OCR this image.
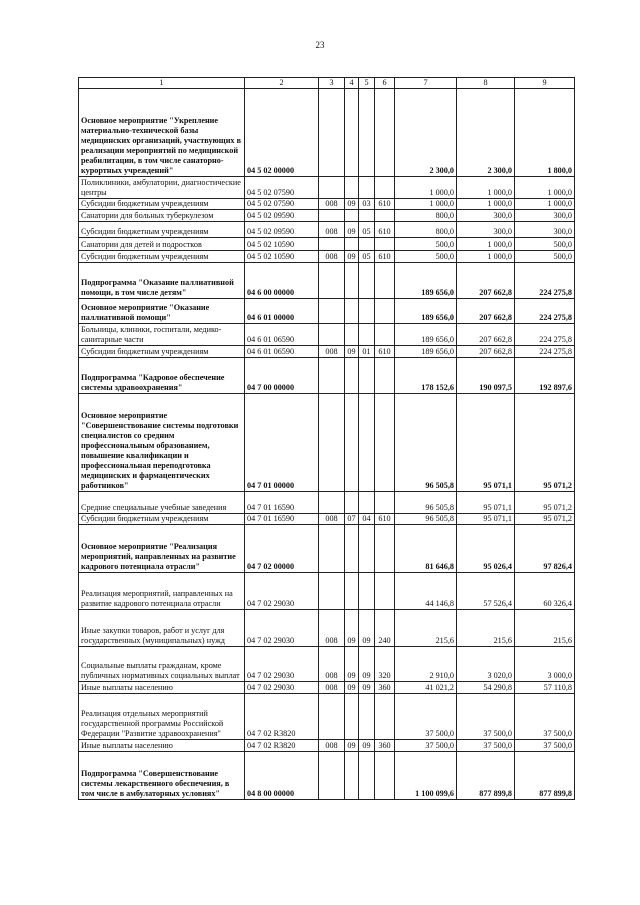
23
1	2	3	4	5	6	7	8	9
Основное мероприятие "Укрепление материально-технической базы медицинских организаций, участвующих в реализации мероприятий по медицинской реабилитации, в том числе санаторно-курортных учреждений"	04 5 02 00000					2 300,0	2 300,0	1 800,0
Поликлиники, амбулатории, диагностические центры	04 5 02 07590					1 000,0	1 000,0	1 000,0
Субсидии бюджетным учреждениям	04 5 02 07590	008	09	03	610	1 000,0	1 000,0	1 000,0
Санатории для больных туберкулезом	04 5 02 09590					800,0	300,0	300,0
Субсидии бюджетным учреждениям	04 5 02 09590	008	09	05	610	800,0	300,0	300,0
Санатории для детей и подростков	04 5 02 10590					500,0	1 000,0	500,0
Субсидии бюджетным учреждениям	04 5 02 10590	008	09	05	610	500,0	1 000,0	500,0
Подпрограмма "Оказание паллиативной помощи, в том числе детям"	04 6 00 00000					189 656,0	207 662,8	224 275,8
Основное мероприятие "Оказание паллиативной помощи"	04 6 01 00000					189 656,0	207 662,8	224 275,8
Больницы, клиники, госпитали, медико-санитарные части	04 6 01 06590					189 656,0	207 662,8	224 275,8
Субсидии бюджетным учреждениям	04 6 01 06590	008	09	01	610	189 656,0	207 662,8	224 275,8
Подпрограмма "Кадровое обеспечение системы здравоохранения"	04 7 00 00000					178 152,6	190 097,5	192 897,6
Основное мероприятие "Совершенствование системы подготовки специалистов со средним профессиональным образованием, повышение квалификации и профессиональная переподготовка медицинских и фармацевтических работников"	04 7 01 00000					96 505,8	95 071,1	95 071,2
Средние специальные учебные заведения	04 7 01 16590					96 505,8	95 071,1	95 071,2
Субсидии бюджетным учреждениям	04 7 01 16590	008	07	04	610	96 505,8	95 071,1	95 071,2
Основное мероприятие "Реализация мероприятий, направленных на развитие кадрового потенциала отрасли"	04 7 02 00000					81 646,8	95 026,4	97 826,4
Реализация мероприятий, направленных на развитие кадрового потенциала отрасли	04 7 02 29030					44 146,8	57 526,4	60 326,4
Иные закупки товаров, работ и услуг для государственных (муниципальных) нужд	04 7 02 29030	008	09	09	240	215,6	215,6	215,6
Социальные выплаты гражданам, кроме публичных нормативных социальных выплат	04 7 02 29030	008	09	09	320	2 910,0	3 020,0	3 000,0
Иные выплаты населению	04 7 02 29030	008	09	09	360	41 021,2	54 290,8	57 110,8
Реализация отдельных мероприятий государственной программы Российской Федерации "Развитие здравоохранения"	04 7 02 R3820					37 500,0	37 500,0	37 500,0
Иные выплаты населению	04 7 02 R3820	008	09	09	360	37 500,0	37 500,0	37 500,0
Подпрограмма "Совершенствование системы лекарственного обеспечения, в том числе в амбулаторных условиях"	04 8 00 00000					1 100 099,6	877 899,8	877 899,8
